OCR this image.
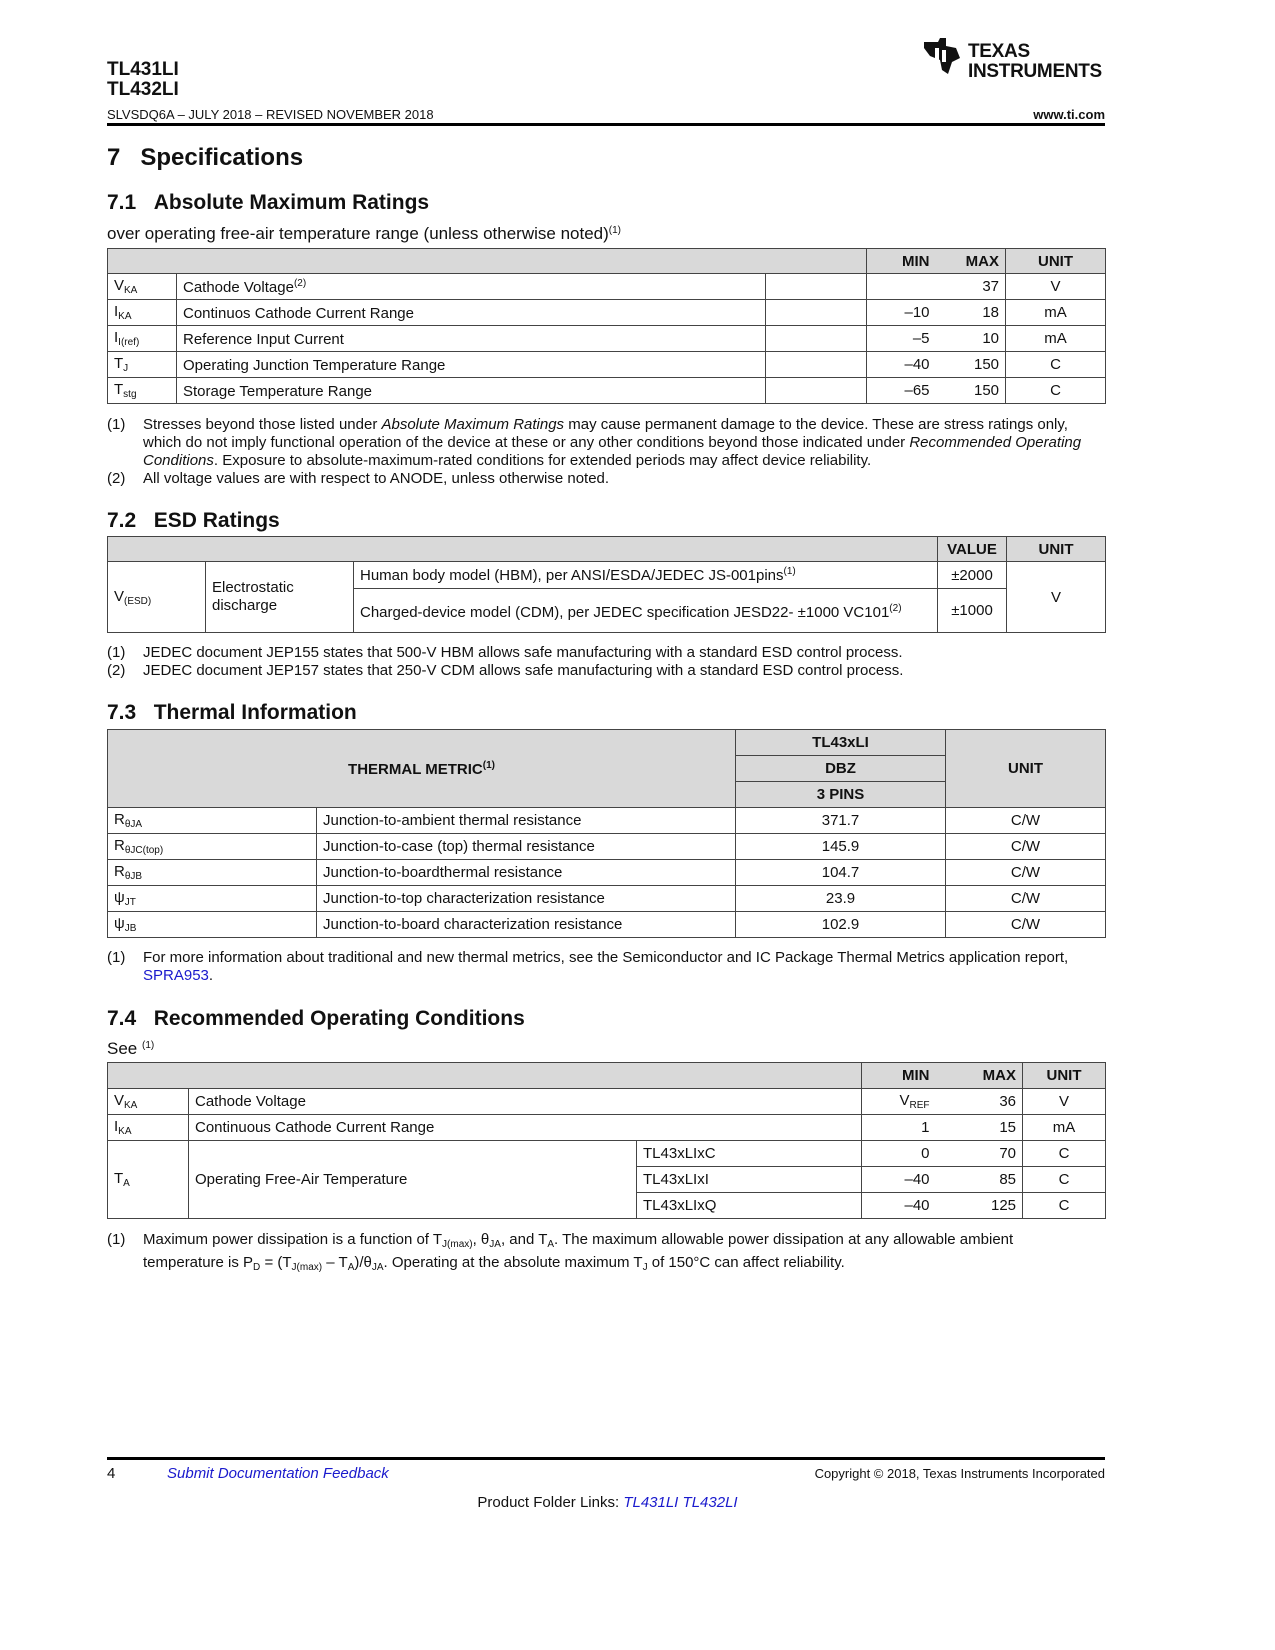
TL431LI
TL432LI
SLVSDQ6A – JULY 2018 – REVISED NOVEMBER 2018
TEXAS
INSTRUMENTS
www.ti.com
7 Specifications
7.1 Absolute Maximum Ratings
over operating free-air temperature range (unless otherwise noted)$^{(1)}$
			MIN	MAX	UNIT
$V_{KA}$	Cathode Voltage$^{(2)}$			37	V
$I_{KA}$	Continuos Cathode Current Range		–10	18	mA
$I_{I(ref)}$	Reference Input Current		–5	10	mA
$T_J$	Operating Junction Temperature Range		–40	150	C
$T_{stg}$	Storage Temperature Range		–65	150	C
(1) Stresses beyond those listed under Absolute Maximum Ratings may cause permanent damage to the device. These are stress ratings only, which do not imply functional operation of the device at these or any other conditions beyond those indicated under Recommended Operating Conditions. Exposure to absolute-maximum-rated conditions for extended periods may affect device reliability.
(2) All voltage values are with respect to ANODE, unless otherwise noted.
7.2 ESD Ratings
			VALUE	UNIT
$V_{(ESD)}$	Electrostatic discharge	Human body model (HBM), per ANSI/ESDA/JEDEC JS-001pins$^{(1)}$	±2000	V
		Charged-device model (CDM), per JEDEC specification JESD22- ±1000 $VC101^{(2)}$	±1000	
(1) JEDEC document JEP155 states that 500-V HBM allows safe manufacturing with a standard ESD control process.
(2) JEDEC document JEP157 states that 250-V CDM allows safe manufacturing with a standard ESD control process.
7.3 Thermal Information
THERMAL METRIC$^{(1)}$		TL43xLI	UNIT
		DBZ	
		3 PINS	
$R_{\theta JA}$	Junction-to-ambient thermal resistance	371.7	C/W
$R_{\theta JC(top)}$	Junction-to-case (top) thermal resistance	145.9	C/W
$R_{\theta JB}$	Junction-to-boardthermal resistance	104.7	C/W
$\psi_{JT}$	Junction-to-top characterization resistance	23.9	C/W
$\psi_{JB}$	Junction-to-board characterization resistance	102.9	C/W
(1) For more information about traditional and new thermal metrics, see the Semiconductor and IC Package Thermal Metrics application report, SPRA953.
7.4 Recommended Operating Conditions
See $^{(1)}$
			MIN	MAX	UNIT
$V_{KA}$	Cathode Voltage		$V_{REF}$	36	V
$I_{KA}$	Continuous Cathode Current Range		1	15	mA
$T_A$	Operating Free-Air Temperature	TL43xLIxC	0	70	C
		TL43xLIxI	–40	85	C
		TL43xLIxQ	–40	125	C
(1) Maximum power dissipation is a function of $T_{J(max)}$, $\theta_{JA}$, and $T_A$. The maximum allowable power dissipation at any allowable ambient temperature is $P_D = (T_{J(max)} - T_A)/\theta_{JA}$. Operating at the absolute maximum $T_J$ of 150°C can affect reliability.
4	Submit Documentation Feedback	Copyright © 2018, Texas Instruments Incorporated
Product Folder Links: TL431LI TL432LI
